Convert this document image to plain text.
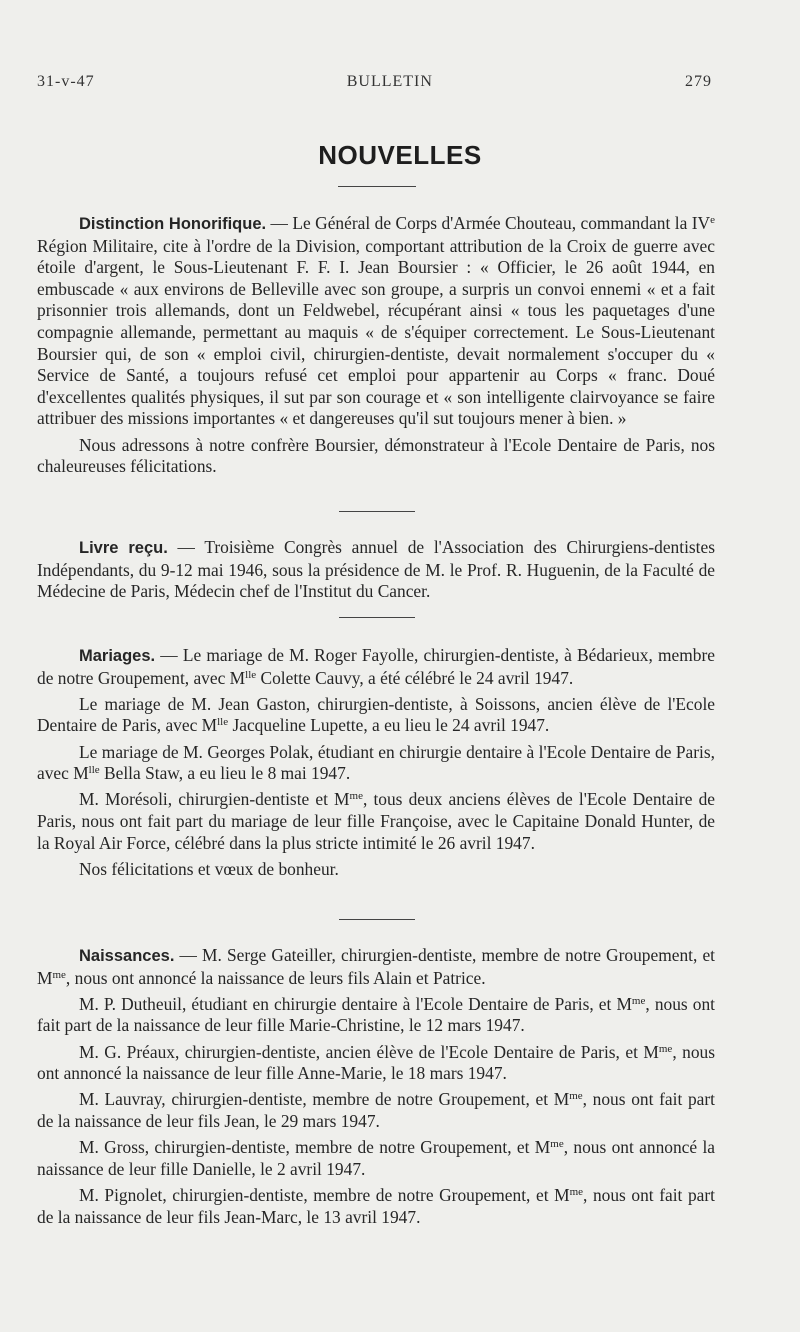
31-v-47	BULLETIN	279
NOUVELLES

Distinction Honorifique. — Le Général de Corps d'Armée Chouteau, commandant la IVe Région Militaire, cite à l'ordre de la Division, comportant attribution de la Croix de guerre avec étoile d'argent, le Sous-Lieutenant F. F. I. Jean Boursier : « Officier, le 26 août 1944, en embuscade « aux environs de Belleville avec son groupe, a surpris un convoi ennemi « et a fait prisonnier trois allemands, dont un Feldwebel, récupérant ainsi « tous les paquetages d'une compagnie allemande, permettant au maquis « de s'équiper correctement. Le Sous-Lieutenant Boursier qui, de son « emploi civil, chirurgien-dentiste, devait normalement s'occuper du « Service de Santé, a toujours refusé cet emploi pour appartenir au Corps « franc. Doué d'excellentes qualités physiques, il sut par son courage et « son intelligente clairvoyance se faire attribuer des missions importantes « et dangereuses qu'il sut toujours mener à bien. »

Nous adressons à notre confrère Boursier, démonstrateur à l'Ecole Dentaire de Paris, nos chaleureuses félicitations.

Livre reçu. — Troisième Congrès annuel de l'Association des Chirurgiens-dentistes Indépendants, du 9-12 mai 1946, sous la présidence de M. le Prof. R. Huguenin, de la Faculté de Médecine de Paris, Médecin chef de l'Institut du Cancer.

Mariages. — Le mariage de M. Roger Fayolle, chirurgien-dentiste, à Bédarieux, membre de notre Groupement, avec $M^{lle}$ Colette Cauvy, a été célébré le 24 avril 1947.

Le mariage de M. Jean Gaston, chirurgien-dentiste, à Soissons, ancien élève de l'Ecole Dentaire de Paris, avec $M^{lle}$ Jacqueline Lupette, a eu lieu le 24 avril 1947.

Le mariage de M. Georges Polak, étudiant en chirurgie dentaire à l'Ecole Dentaire de Paris, avec $M^{lle}$ Bella Staw, a eu lieu le 8 mai 1947.

M. Morésoli, chirurgien-dentiste et $M^{me}$, tous deux anciens élèves de l'Ecole Dentaire de Paris, nous ont fait part du mariage de leur fille Françoise, avec le Capitaine Donald Hunter, de la Royal Air Force, célébré dans la plus stricte intimité le 26 avril 1947.

Nos félicitations et vœux de bonheur.

Naissances. — M. Serge Gateiller, chirurgien-dentiste, membre de notre Groupement, et $M^{me}$, nous ont annoncé la naissance de leurs fils Alain et Patrice.

M. P. Dutheuil, étudiant en chirurgie dentaire à l'Ecole Dentaire de Paris, et $M^{me}$, nous ont fait part de la naissance de leur fille Marie-Christine, le 12 mars 1947.

M. G. Préaux, chirurgien-dentiste, ancien élève de l'Ecole Dentaire de Paris, et $M^{me}$, nous ont annoncé la naissance de leur fille Anne-Marie, le 18 mars 1947.

M. Lauvray, chirurgien-dentiste, membre de notre Groupement, et $M^{me}$, nous ont fait part de la naissance de leur fils Jean, le 29 mars 1947.

M. Gross, chirurgien-dentiste, membre de notre Groupement, et $M^{me}$, nous ont annoncé la naissance de leur fille Danielle, le 2 avril 1947.

M. Pignolet, chirurgien-dentiste, membre de notre Groupement, et $M^{me}$, nous ont fait part de la naissance de leur fils Jean-Marc, le 13 avril 1947.
